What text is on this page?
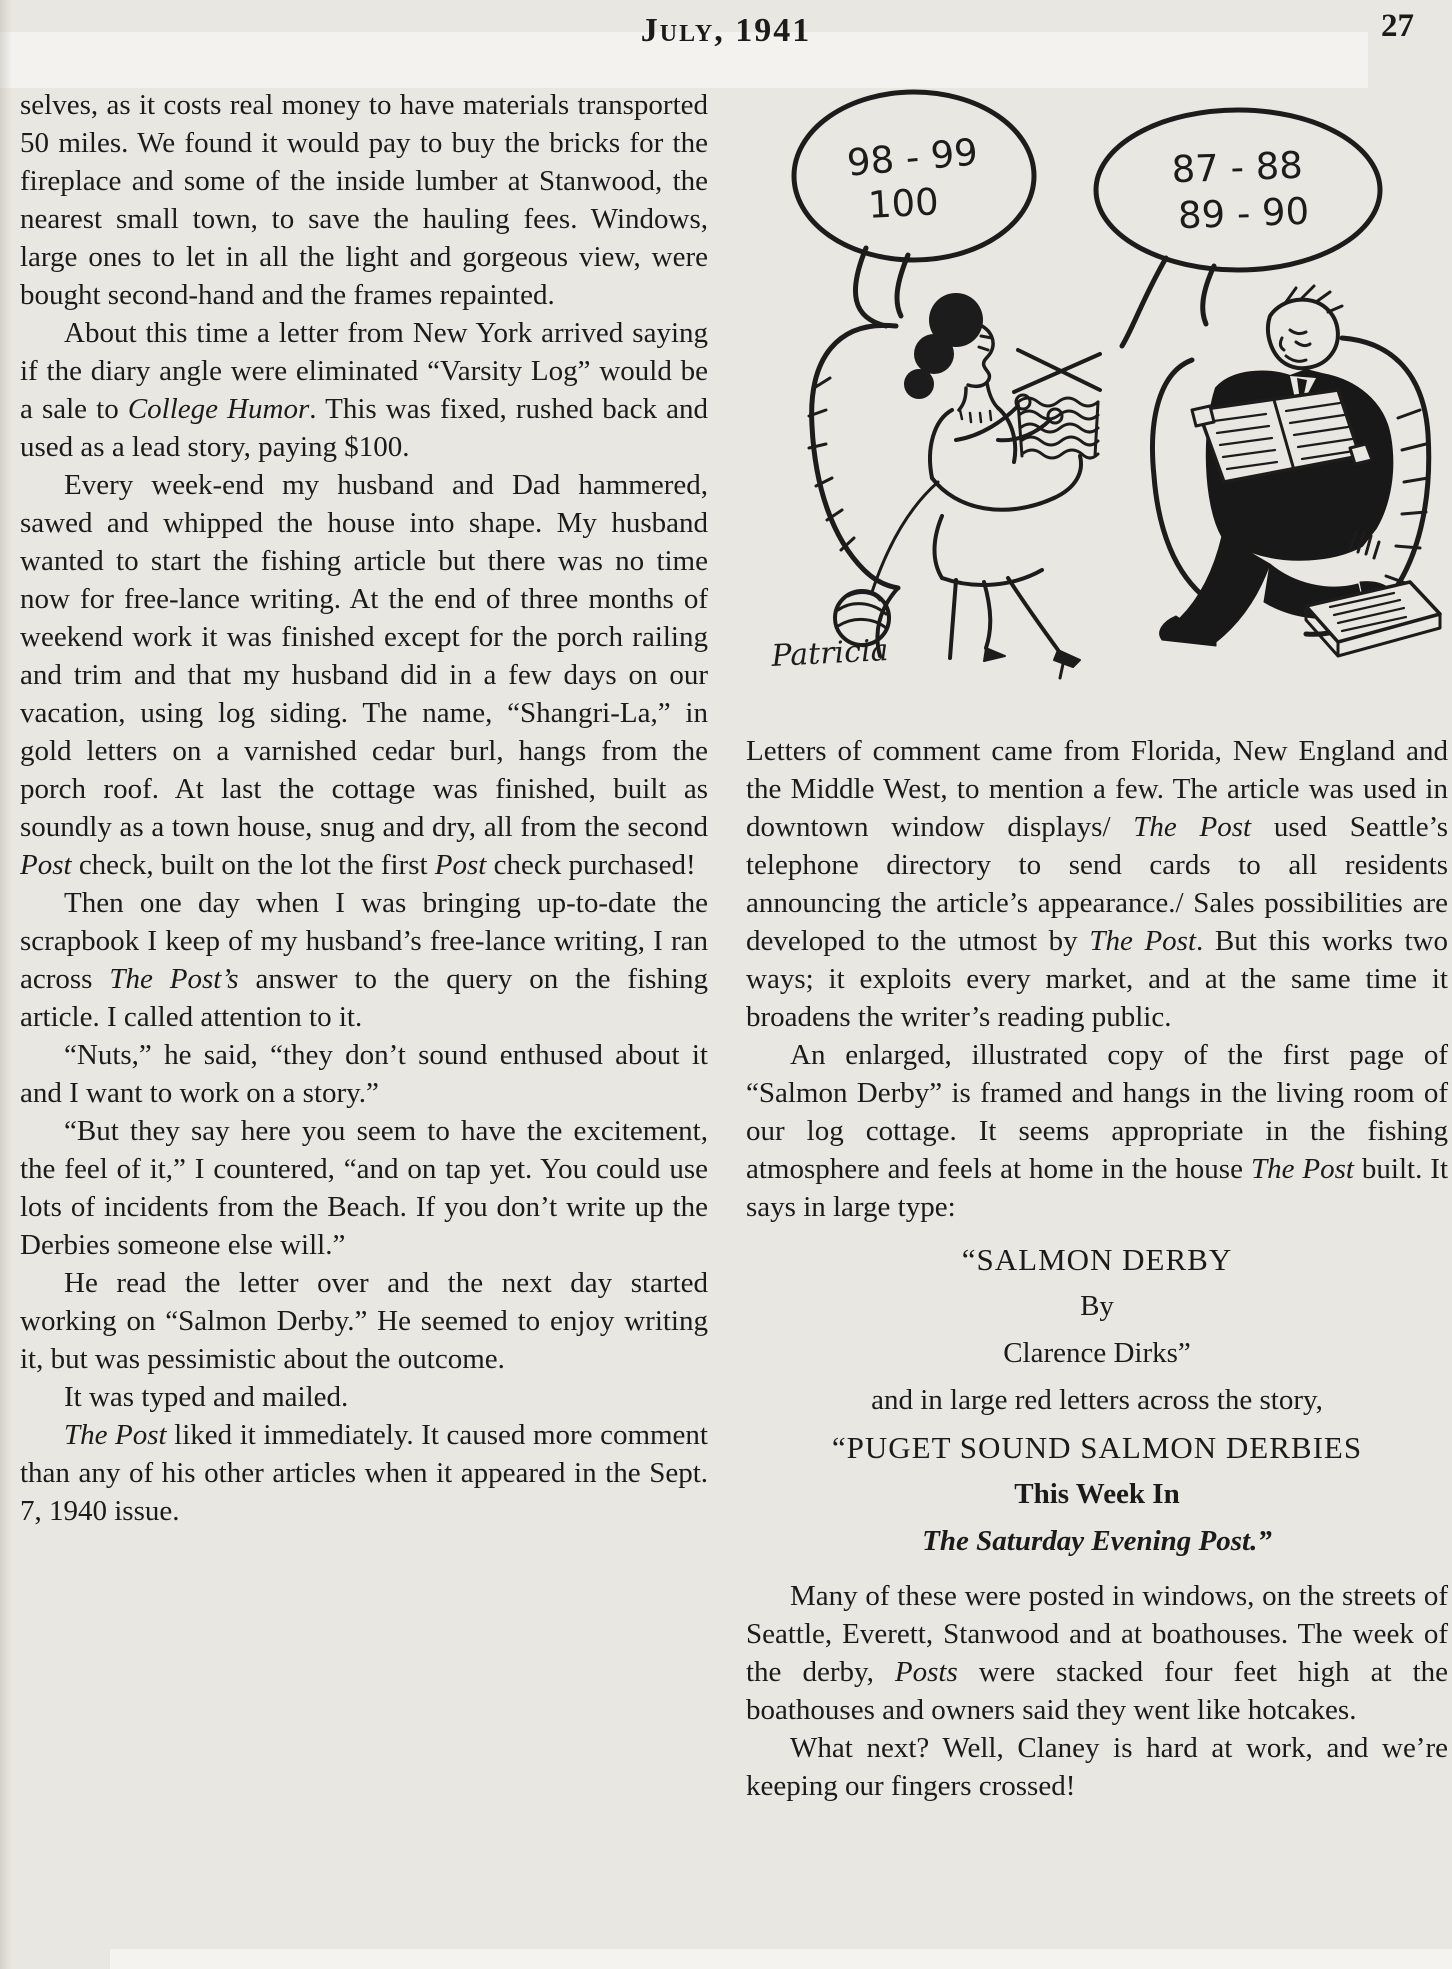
July, 1941	27

selves, as it costs real money to have materials transported 50 miles. We found it would pay to buy the bricks for the fireplace and some of the inside lumber at Stanwood, the nearest small town, to save the hauling fees. Windows, large ones to let in all the light and gorgeous view, were bought second-hand and the frames repainted.

About this time a letter from New York arrived saying if the diary angle were eliminated “Varsity Log” would be a sale to College Humor. This was fixed, rushed back and used as a lead story, paying $100.

Every week-end my husband and Dad hammered, sawed and whipped the house into shape. My husband wanted to start the fishing article but there was no time now for free-lance writing. At the end of three months of weekend work it was finished except for the porch railing and trim and that my husband did in a few days on our vacation, using log siding. The name, “Shangri-La,” in gold letters on a varnished cedar burl, hangs from the porch roof. At last the cottage was finished, built as soundly as a town house, snug and dry, all from the second Post check, built on the lot the first Post check purchased!

Then one day when I was bringing up-to-date the scrapbook I keep of my husband’s free-lance writing, I ran across The Post’s answer to the query on the fishing article. I called attention to it.

“Nuts,” he said, “they don’t sound enthused about it and I want to work on a story.”

“But they say here you seem to have the excitement, the feel of it,” I countered, “and on tap yet. You could use lots of incidents from the Beach. If you don’t write up the Derbies someone else will.”

He read the letter over and the next day started working on “Salmon Derby.” He seemed to enjoy writing it, but was pessimistic about the outcome.

It was typed and mailed.

The Post liked it immediately. It caused more comment than any of his other articles when it appeared in the Sept. 7, 1940 issue.

98 - 99
100
87 - 88
89 - 90
Patricia

Letters of comment came from Florida, New England and the Middle West, to mention a few. The article was used in downtown window displays/ The Post used Seattle’s telephone directory to send cards to all residents announcing the article’s appearance./ Sales possibilities are developed to the utmost by The Post. But this works two ways; it exploits every market, and at the same time it broadens the writer’s reading public.

An enlarged, illustrated copy of the first page of “Salmon Derby” is framed and hangs in the living room of our log cottage. It seems appropriate in the fishing atmosphere and feels at home in the house The Post built. It says in large type:

“SALMON DERBY
By
Clarence Dirks”
and in large red letters across the story,
“PUGET SOUND SALMON DERBIES
This Week In
The Saturday Evening Post.”

Many of these were posted in windows, on the streets of Seattle, Everett, Stanwood and at boathouses. The week of the derby, Posts were stacked four feet high at the boathouses and owners said they went like hotcakes.

What next? Well, Claney is hard at work, and we’re keeping our fingers crossed!
